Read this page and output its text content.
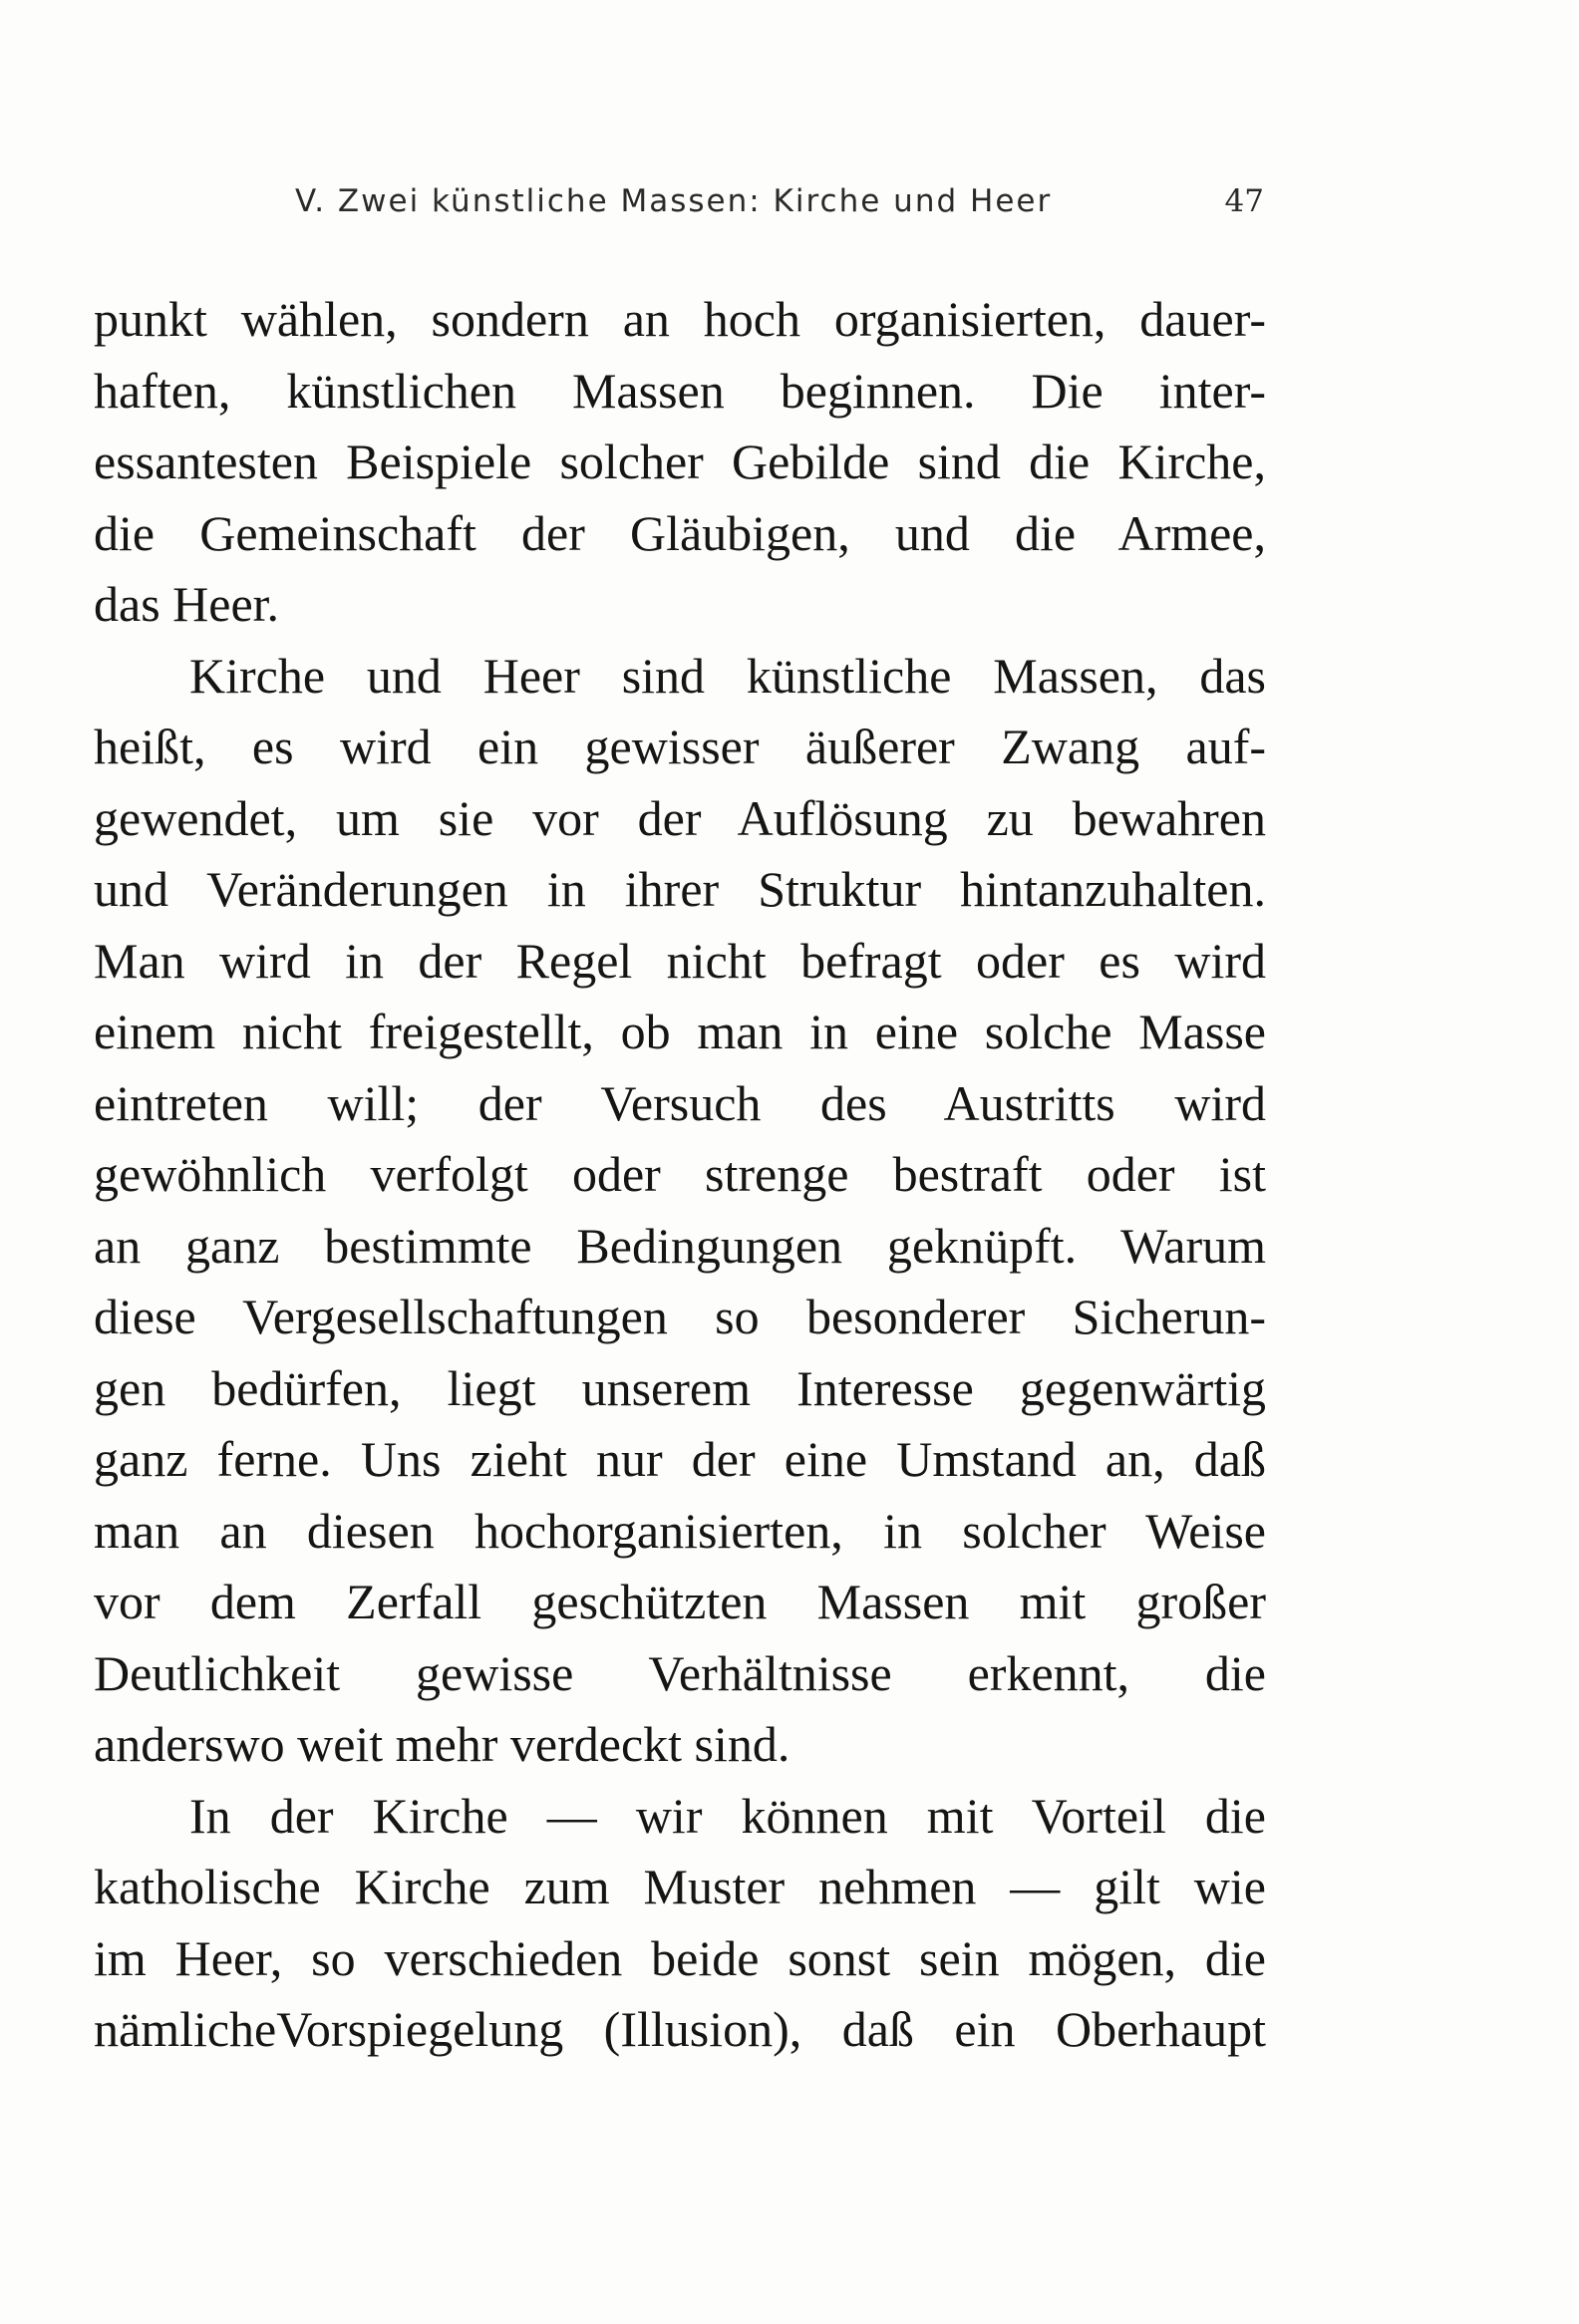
V. Zwei künstliche Massen: Kirche und Heer	47
punkt wählen, sondern an hoch organisierten, dauer-
haften, künstlichen Massen beginnen. Die inter-
essantesten Beispiele solcher Gebilde sind die Kirche,
die Gemeinschaft der Gläubigen, und die Armee,
das Heer.
Kirche und Heer sind künstliche Massen, das
heißt, es wird ein gewisser äußerer Zwang auf-
gewendet, um sie vor der Auflösung zu bewahren
und Veränderungen in ihrer Struktur hintanzuhalten.
Man wird in der Regel nicht befragt oder es wird
einem nicht freigestellt, ob man in eine solche Masse
eintreten will; der Versuch des Austritts wird
gewöhnlich verfolgt oder strenge bestraft oder ist
an ganz bestimmte Bedingungen geknüpft. Warum
diese Vergesellschaftungen so besonderer Sicherun-
gen bedürfen, liegt unserem Interesse gegenwärtig
ganz ferne. Uns zieht nur der eine Umstand an, daß
man an diesen hochorganisierten, in solcher Weise
vor dem Zerfall geschützten Massen mit großer
Deutlichkeit gewisse Verhältnisse erkennt, die
anderswo weit mehr verdeckt sind.
In der Kirche — wir können mit Vorteil die
katholische Kirche zum Muster nehmen — gilt wie
im Heer, so verschieden beide sonst sein mögen, die
nämlicheVorspiegelung (Illusion), daß ein Oberhaupt
